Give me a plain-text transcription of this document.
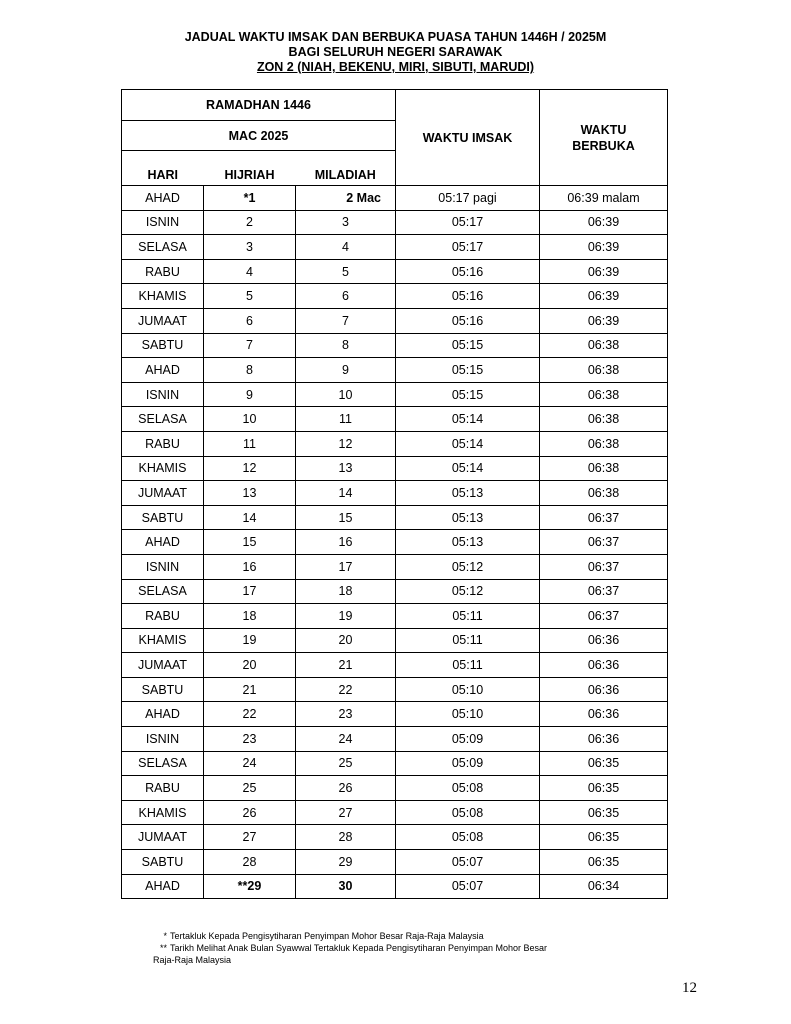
JADUAL WAKTU IMSAK DAN BERBUKA PUASA TAHUN 1446H / 2025M
BAGI SELURUH NEGERI SARAWAK
ZON 2 (NIAH, BEKENU, MIRI, SIBUTI, MARUDI)
RAMADHAN 1446			WAKTU IMSAK	WAKTU BERBUKA

MAC 2025				
HARI	HIJRIAH	MILADIAH		
AHAD	*1	2 Mac	05:17 pagi	06:39 malam
ISNIN	2	3	05:17	06:39
SELASA	3	4	05:17	06:39
RABU	4	5	05:16	06:39
KHAMIS	5	6	05:16	06:39
JUMAAT	6	7	05:16	06:39
SABTU	7	8	05:15	06:38
AHAD	8	9	05:15	06:38
ISNIN	9	10	05:15	06:38
SELASA	10	11	05:14	06:38
RABU	11	12	05:14	06:38
KHAMIS	12	13	05:14	06:38
JUMAAT	13	14	05:13	06:38
SABTU	14	15	05:13	06:37
AHAD	15	16	05:13	06:37
ISNIN	16	17	05:12	06:37
SELASA	17	18	05:12	06:37
RABU	18	19	05:11	06:37
KHAMIS	19	20	05:11	06:36
JUMAAT	20	21	05:11	06:36
SABTU	21	22	05:10	06:36
AHAD	22	23	05:10	06:36
ISNIN	23	24	05:09	06:36
SELASA	24	25	05:09	06:35
RABU	25	26	05:08	06:35
KHAMIS	26	27	05:08	06:35
JUMAAT	27	28	05:08	06:35
SABTU	28	29	05:07	06:35
AHAD	**29	30	05:07	06:34
* Tertakluk Kepada Pengisytiharan Penyimpan Mohor Besar Raja-Raja Malaysia
** Tarikh Melihat Anak Bulan Syawwal Tertakluk Kepada Pengisytiharan Penyimpan Mohor Besar
Raja-Raja Malaysia
12
